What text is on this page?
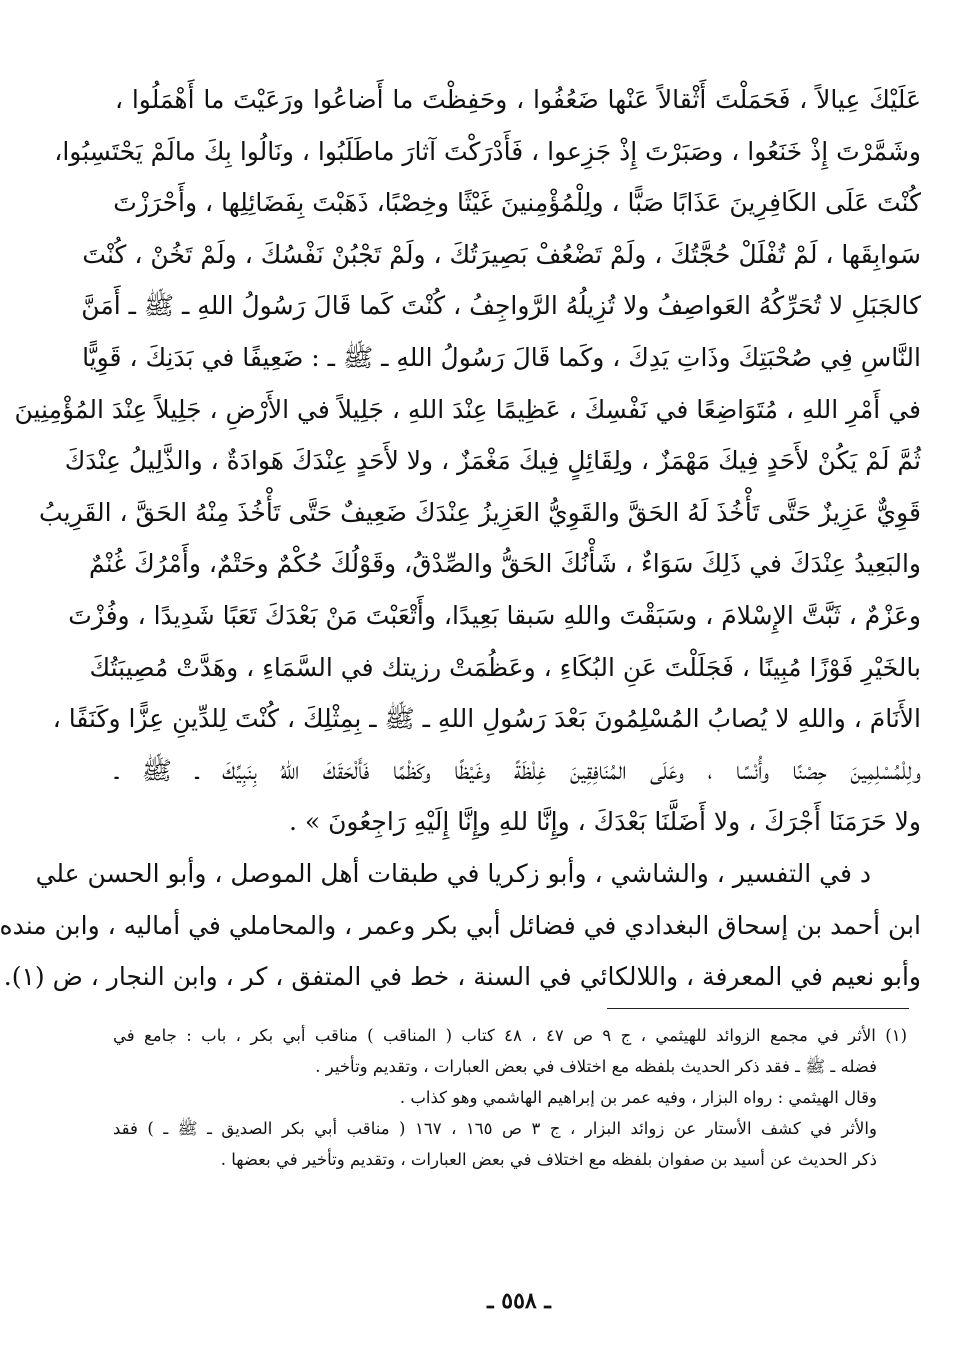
عَلَيْكَ عِيالاً ، فَحَمَلْتَ أَثْقالاً عَنْها ضَعُفُوا ، وحَفِظْتَ ما أَضاعُوا ورَعَيْتَ ما أَهْمَلُوا ،
وشَمَّرْتَ إِذْ خَنَعُوا ، وصَبَرْتَ إِذْ جَزِعوا ، فَأَدْرَكْتَ آثارَ ماطَلَبُوا ، ونَالُوا بِكَ مالَمْ يَحْتَسِبُوا،
كُنْتَ عَلَى الكَافِرِينَ عَذَابًا صَبًّا ، ولِلْمُؤْمِنينَ غَيْثًا وخِصْبًا، ذَهَبْتَ بِفَضَائِلِها ، وأَحْرَزْتَ
سَوابِقَها ، لَمْ تُفْلَلْ حُجَّتُكَ ، ولَمْ تَضْعُفْ بَصِيرَتُكَ ، ولَمْ تَجْبُنْ نَفْسُكَ ، ولَمْ تَخُنْ ، كُنْتَ
كالجَبَلِ لا تُحَرِّكُهُ العَواصِفُ ولا تُزِيلُهُ الرَّواجِفُ ، كُنْتَ كَما قَالَ رَسُولُ اللهِ ـ ﷺ ـ أَمَنَّ
النَّاسِ فِي صُحْبَتِكَ وذَاتِ يَدِكَ ، وكَما قَالَ رَسُولُ اللهِ ـ ﷺ ـ : ضَعِيفًا في بَدَنِكَ ، قَوِيًّا
في أَمْرِ اللهِ ، مُتَوَاضِعًا في نَفْسِكَ ، عَظِيمًا عِنْدَ اللهِ ، جَلِيلاً في الأَرْضِ ، جَلِيلاً عِنْدَ المُؤْمِنِينَ
ثُمَّ لَمْ يَكُنْ لأَحَدٍ فِيكَ مَهْمَزٌ ، ولِقَائِلٍ فِيكَ مَغْمَزٌ ، ولا لأَحَدٍ عِنْدَكَ هَوادَةٌ ، والذَّلِيلُ عِنْدَكَ
قَوِيٌّ عَزِيزٌ حَتَّى تَأْخُذَ لَهُ الحَقَّ والقَوِيُّ العَزِيزُ عِنْدَكَ ضَعِيفٌ حَتَّى تَأْخُذَ مِنْهُ الحَقَّ ، القَرِيبُ
والبَعِيدُ عِنْدَكَ في ذَلِكَ سَوَاءٌ ، شَأْنُكَ الحَقُّ والصِّدْقُ، وقَوْلُكَ حُكْمٌ وحَتْمٌ، وأَمْرُكَ غُنْمٌ
وعَزْمٌ ، ثَبَّتَّ الإِسْلامَ ، وسَبَقْتَ واللهِ سَبقا بَعِيدًا، وأَتْعَبْتَ مَنْ بَعْدَكَ تَعَبًا شَدِيدًا ، وفُزْتَ
بالخَيْرِ فَوْزًا مُبِينًا ، فَجَلَلْتَ عَنِ البُكَاءِ ، وعَظُمَتْ رزيتك في السَّمَاءِ ، وهَدَّتْ مُصِيبَتُكَ
الأَنَامَ ، واللهِ لا يُصابُ المُسْلِمُونَ بَعْدَ رَسُولِ اللهِ ـ ﷺ ـ بِمِثْلِكَ ، كُنْتَ لِلدِّينِ عِزًّا وكَنَفًا ،
ولِلْمُسْلِمِينَ حِصْنًا وأُنْسًا ، وعَلَى المُنَافِقِينَ غِلْظَةً وغَيْظًا وكَظْمًا فَأَلْحَقَكَ اللهُ بِنَبِيِّكَ ـ ﷺ ـ
ولا حَرَمَنَا أَجْرَكَ ، ولا أَضَلَّنَا بَعْدَكَ ، وإِنَّا للهِ وإِنَّا إِلَيْهِ رَاجِعُونَ » .
د في التفسير ، والشاشي ، وأبو زكريا في طبقات أهل الموصل ، وأبو الحسن علي
ابن أحمد بن إسحاق البغدادي في فضائل أبي بكر وعمر ، والمحاملي في أماليه ، وابن منده
وأبو نعيم في المعرفة ، واللالكائي في السنة ، خط في المتفق ، كر ، وابن النجار ، ض (١).
(١) الأثر في مجمع الزوائد للهيثمي ، ج ٩ ص ٤٧ ، ٤٨ كتاب ( المناقب ) مناقب أبي بكر ، باب : جامع في
فضله ـ ﷺ ـ فقد ذكر الحديث بلفظه مع اختلاف في بعض العبارات ، وتقديم وتأخير .
وقال الهيثمي : رواه البزار ، وفيه عمر بن إبراهيم الهاشمي وهو كذاب .
والأثر في كشف الأستار عن زوائد البزار ، ج ٣ ص ١٦٥ ، ١٦٧ ( مناقب أبي بكر الصديق ـ ﷺ ـ ) فقد
ذكر الحديث عن أسيد بن صفوان بلفظه مع اختلاف في بعض العبارات ، وتقديم وتأخير في بعضها .
ـ ٥٥٨ ـ
